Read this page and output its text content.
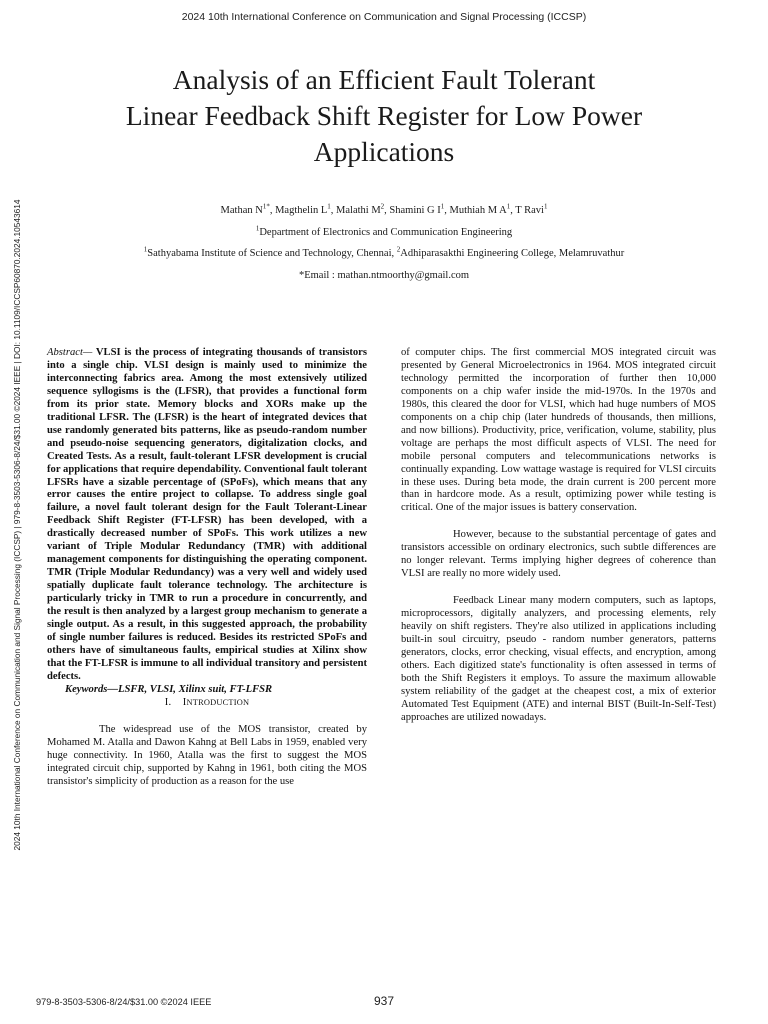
2024 10th International Conference on Communication and Signal Processing (ICCSP)
2024 10th International Conference on Communication and Signal Processing (ICCSP) | 979-8-3503-5306-8/24/$31.00 ©2024 IEEE | DOI: 10.1109/ICCSP60870.2024.10543614
Analysis of an Efficient Fault Tolerant
Linear Feedback Shift Register for Low Power
Applications
Mathan $N^{1*}$, Magthelin $L^1$, Malathi $M^2$, Shamini G $I^1$, Muthiah M $A^1$, T Ravi$^1$
$^1$Department of Electronics and Communication Engineering
$^1$Sathyabama Institute of Science and Technology, Chennai, $^2$Adhiparasakthi Engineering College, Melamruvathur
*Email : mathan.ntmoorthy@gmail.com

Abstract— VLSI is the process of integrating thousands of transistors into a single chip. VLSI design is mainly used to minimize the interconnecting fabrics area. Among the most extensively utilized sequence syllogisms is the (LFSR), that provides a functional form from its prior state. Memory blocks and XORs make up the traditional LFSR. The (LFSR) is the heart of integrated devices that use randomly generated bits patterns, like as pseudo-random number and pseudo-noise sequencing generators, digitalization clocks, and Created Tests. As a result, fault-tolerant LFSR development is crucial for applications that require dependability. Conventional fault tolerant LFSRs have a sizable percentage of (SPoFs), which means that any error causes the entire project to collapse. To address single goal failure, a novel fault tolerant design for the Fault Tolerant-Linear Feedback Shift Register (FT-LFSR) has been developed, with a drastically decreased number of SPoFs. This work utilizes a new variant of Triple Modular Redundancy (TMR) with additional management components for distinguishing the operating component. TMR (Triple Modular Redundancy) was a very well and widely used spatially duplicate fault tolerance technology. The architecture is particularly tricky in TMR to run a procedure in concurrently, and the result is then analyzed by a largest group mechanism to generate a single output. As a result, in this suggested approach, the probability of single number failures is reduced. Besides its restricted SPoFs and others have of simultaneous faults, empirical studies at Xilinx show that the FT-LFSR is immune to all individual transitory and persistent defects.

Keywords—LSFR, VLSI, Xilinx suit, FT-LFSR

I. INTRODUCTION

The widespread use of the MOS transistor, created by Mohamed M. Atalla and Dawon Kahng at Bell Labs in 1959, enabled very huge connectivity. In 1960, Atalla was the first to suggest the MOS integrated circuit chip, supported by Kahng in 1961, both citing the MOS transistor's simplicity of production as a reason for the use

of computer chips. The first commercial MOS integrated circuit was presented by General Microelectronics in 1964. MOS integrated circuit technology permitted the incorporation of further then 10,000 components on a chip wafer inside the mid-1970s. In the 1970s and 1980s, this cleared the door for VLSI, which had huge numbers of MOS components on a chip chip (later hundreds of thousands, then millions, and now billions). Productivity, price, verification, volume, stability, plus voltage are perhaps the most difficult aspects of VLSI. The need for mobile personal computers and telecommunications networks is continually expanding. Low wattage wastage is required for VLSI circuits in these uses. During beta mode, the drain current is 200 percent more than in hardcore mode. As a result, optimizing power while testing is critical. One of the major issues is battery conservation.

However, because to the substantial percentage of gates and transistors accessible on ordinary electronics, such subtle differences are no longer relevant. Terms implying higher degrees of coherence than VLSI are really no more widely used.

Feedback Linear many modern computers, such as laptops, microprocessors, digitally analyzers, and processing elements, rely heavily on shift registers. They're also utilized in applications including built-in soul circuitry, pseudo - random number generators, patterns generators, clocks, error checking, visual effects, and encryption, among others. Each digitized state's functionality is often assessed in terms of both the Shift Registers it employs. To assure the maximum allowable system reliability of the gadget at the cheapest cost, a mix of exterior Automated Test Equipment (ATE) and internal BIST (Built-In-Self-Test) approaches are utilized nowadays.

979-8-3503-5306-8/24/$31.00 ©2024 IEEE	937
